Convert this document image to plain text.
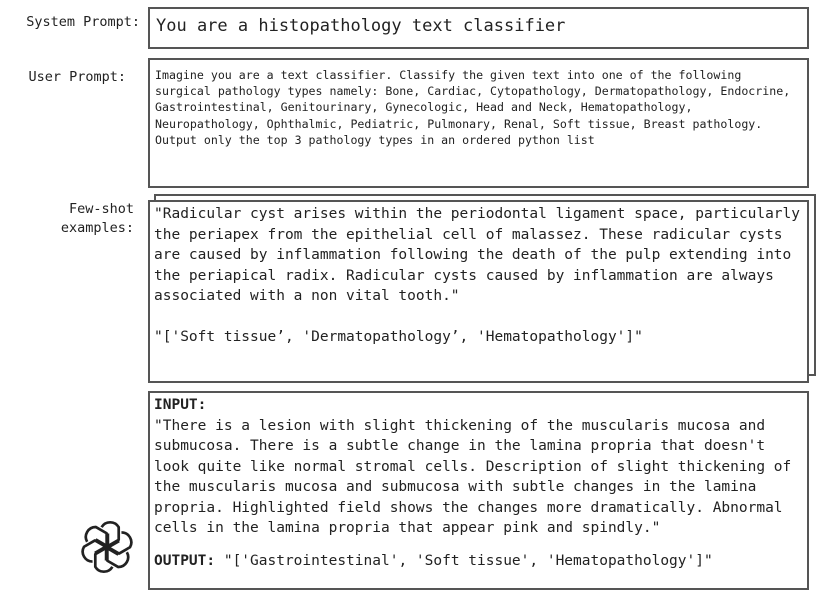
System Prompt:
User Prompt:
Few-shot
examples:
You are a histopathology text classifier

Imagine you are a text classifier. Classify the given text into one of the following surgical pathology types namely: Bone, Cardiac, Cytopathology, Dermatopathology, Endocrine, Gastrointestinal, Genitourinary, Gynecologic, Head and Neck, Hematopathology, Neuropathology, Ophthalmic, Pediatric, Pulmonary, Renal, Soft tissue, Breast pathology. Output only the top 3 pathology types in an ordered python list

"Radicular cyst arises within the periodontal ligament space, particularly the periapex from the epithelial cell of malassez. These radicular cysts are caused by inflammation following the death of the pulp extending into the periapical radix. Radicular cysts caused by inflammation are always associated with a non vital tooth."

"['Soft tissue’, 'Dermatopathology’, 'Hematopathology']"

INPUT:

"There is a lesion with slight thickening of the muscularis mucosa and submucosa. There is a subtle change in the lamina propria that doesn't look quite like normal stromal cells. Description of slight thickening of the muscularis mucosa and submucosa with subtle changes in the lamina propria. Highlighted field shows the changes more dramatically. Abnormal cells in the lamina propria that appear pink and spindly."

OUTPUT: "['Gastrointestinal', 'Soft tissue', 'Hematopathology']"
